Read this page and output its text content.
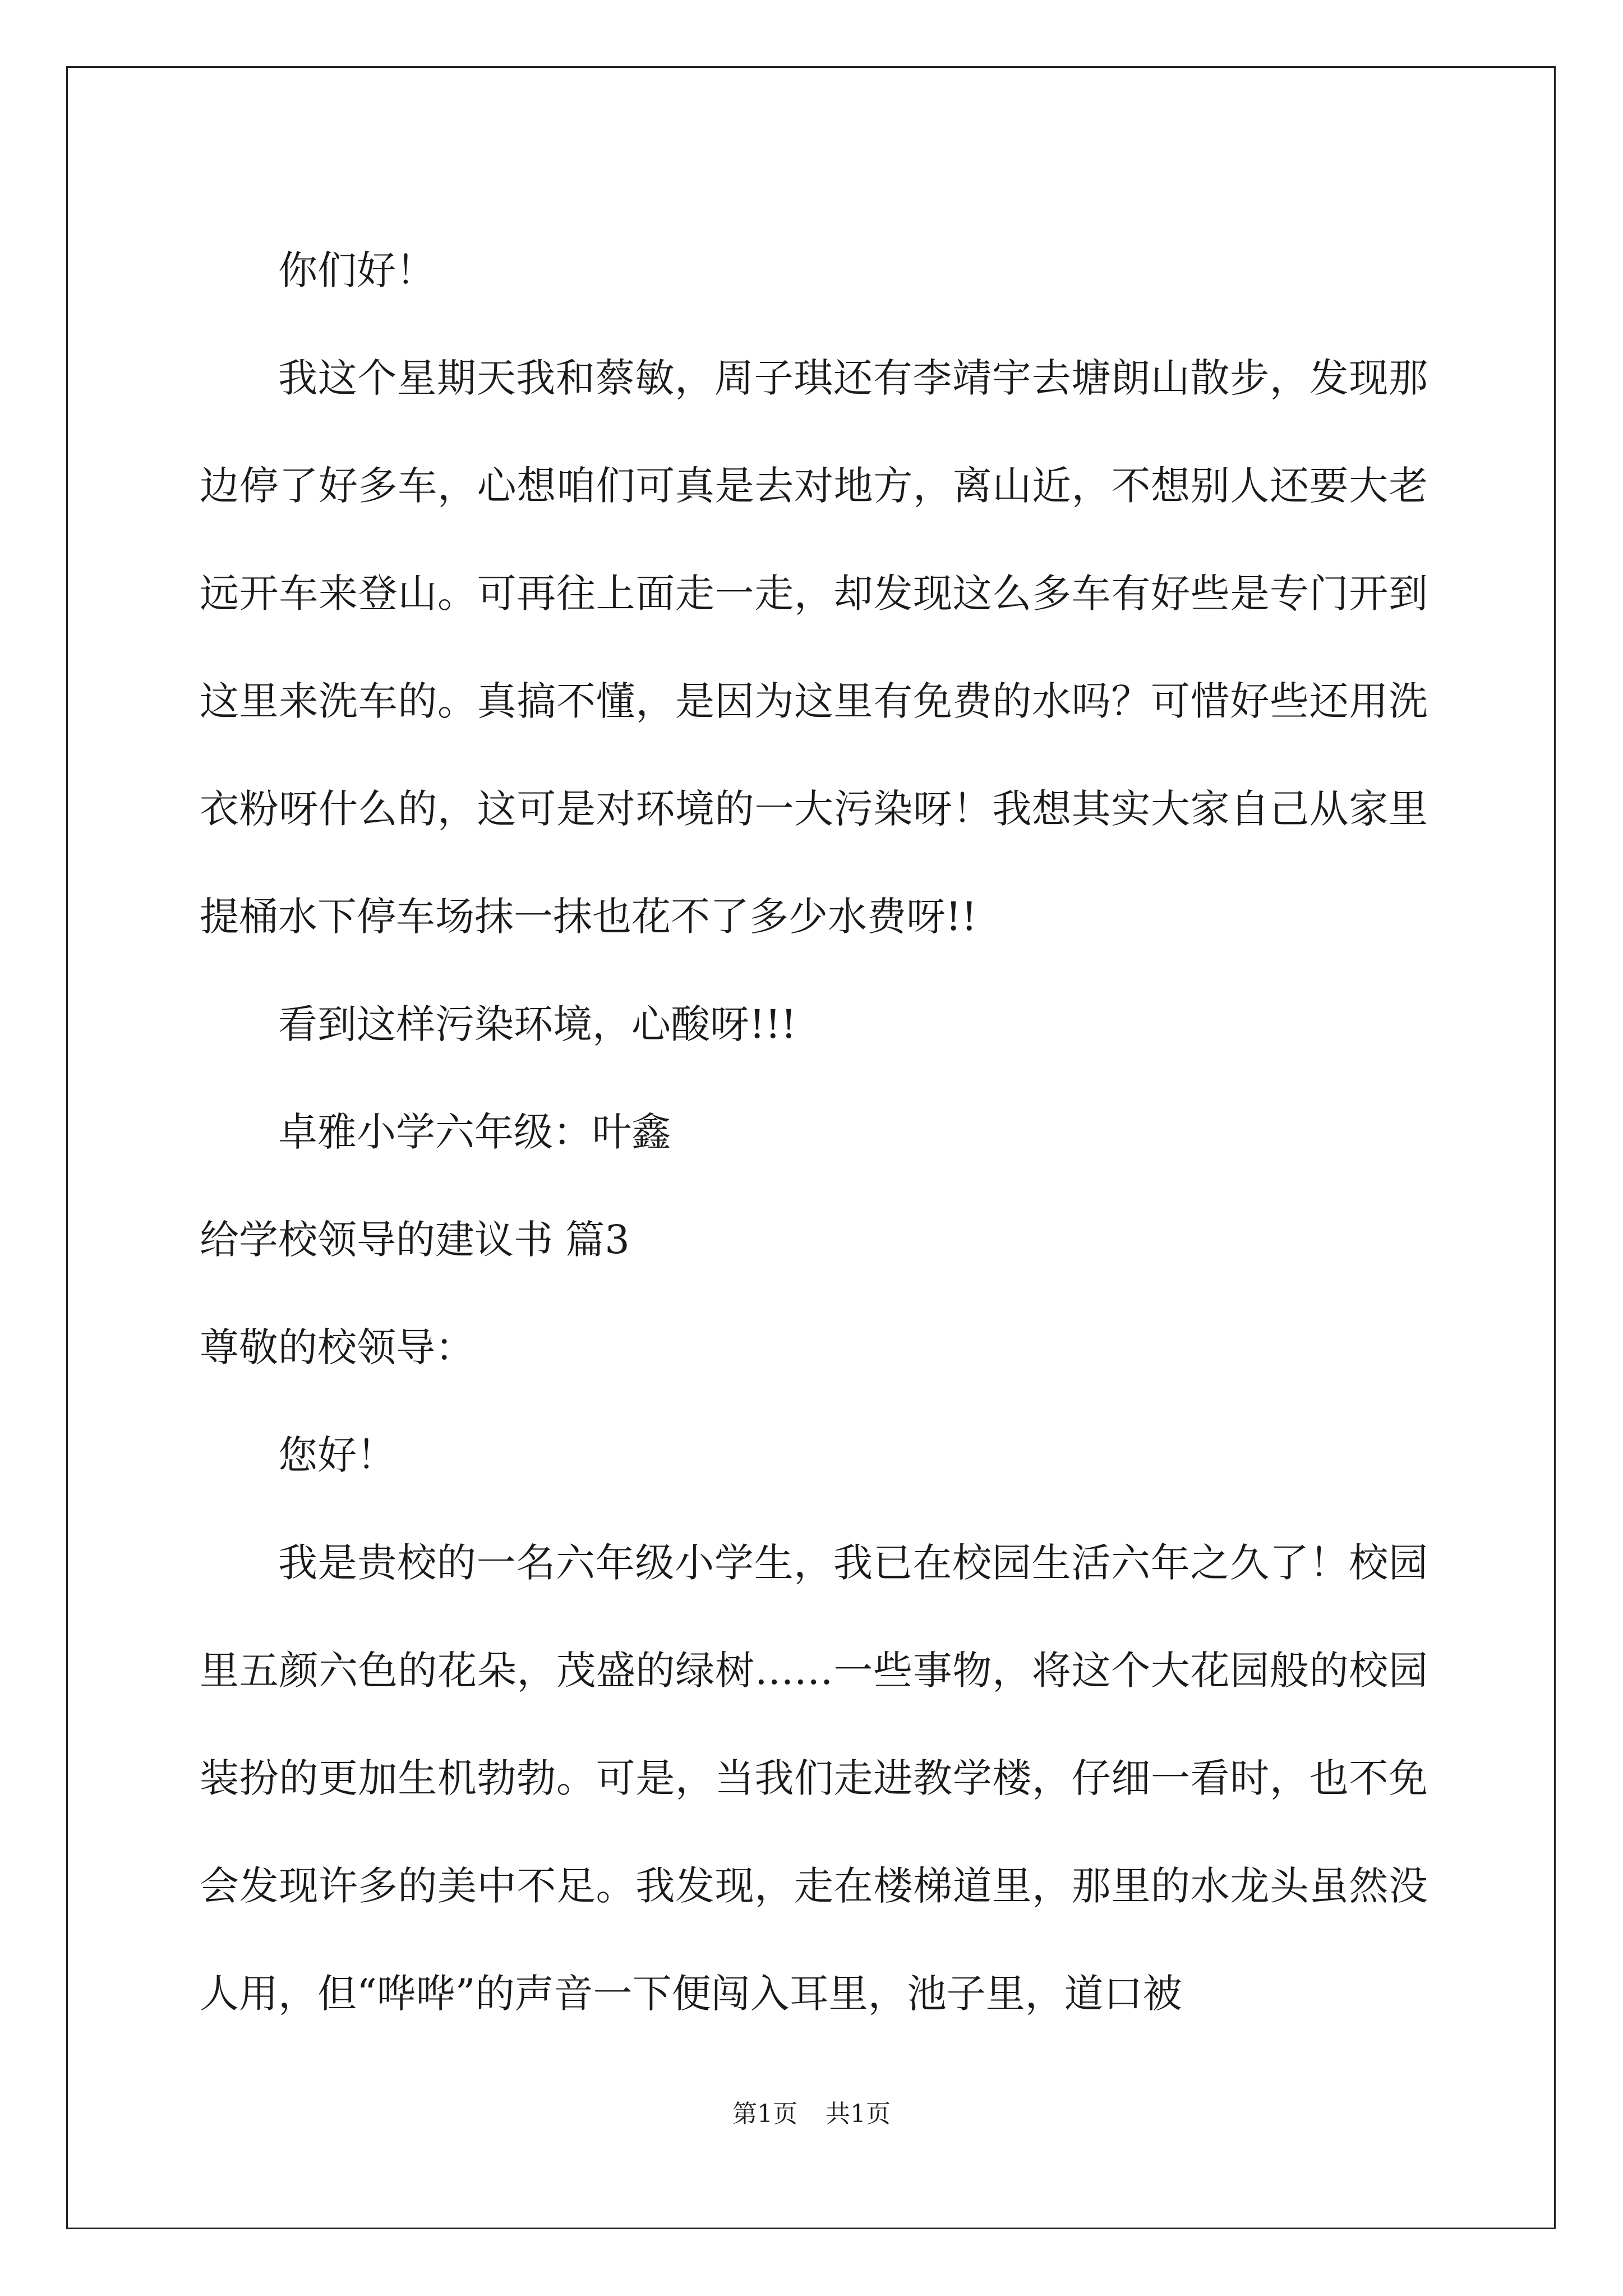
你们好！

我这个星期天我和蔡敏，周子琪还有李靖宇去塘朗山散步，发现那边停了好多车，心想咱们可真是去对地方，离山近，不想别人还要大老远开车来登山。可再往上面走一走，却发现这么多车有好些是专门开到这里来洗车的。真搞不懂，是因为这里有免费的水吗？可惜好些还用洗衣粉呀什么的，这可是对环境的一大污染呀！我想其实大家自己从家里提桶水下停车场抹一抹也花不了多少水费呀!!

看到这样污染环境，心酸呀!!!

卓雅小学六年级：叶鑫

给学校领导的建议书 篇3

尊敬的校领导：

您好！

我是贵校的一名六年级小学生，我已在校园生活六年之久了！校园里五颜六色的花朵，茂盛的绿树……一些事物，将这个大花园般的校园装扮的更加生机勃勃。可是，当我们走进教学楼，仔细一看时，也不免会发现许多的美中不足。我发现，走在楼梯道里，那里的水龙头虽然没人用，但“哗哗”的声音一下便闯入耳里，池子里，道口被

第1页 共1页
